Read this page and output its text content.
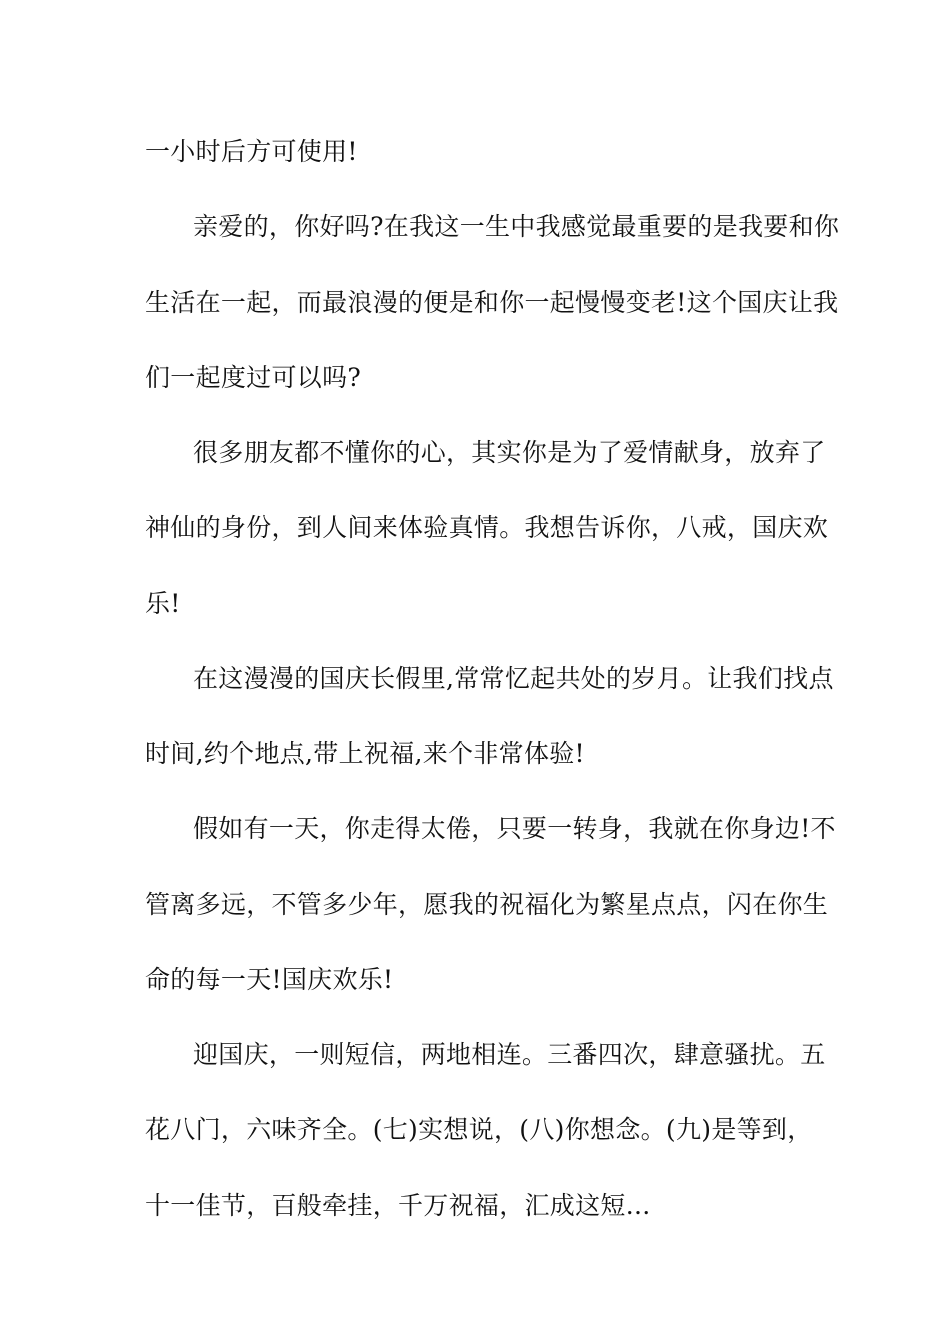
一小时后方可使用!
亲爱的，你好吗?在我这一生中我感觉最重要的是我要和你
生活在一起，而最浪漫的便是和你一起慢慢变老!这个国庆让我
们一起度过可以吗?
很多朋友都不懂你的心，其实你是为了爱情献身，放弃了
神仙的身份，到人间来体验真情。我想告诉你，八戒，国庆欢
乐!
在这漫漫的国庆长假里,常常忆起共处的岁月。让我们找点
时间,约个地点,带上祝福,来个非常体验!
假如有一天，你走得太倦，只要一转身，我就在你身边!不
管离多远，不管多少年，愿我的祝福化为繁星点点，闪在你生
命的每一天!国庆欢乐!
迎国庆，一则短信，两地相连。三番四次，肆意骚扰。五
花八门，六味齐全。(七)实想说，(八)你想念。(九)是等到，
十一佳节，百般牵挂，千万祝福，汇成这短...
